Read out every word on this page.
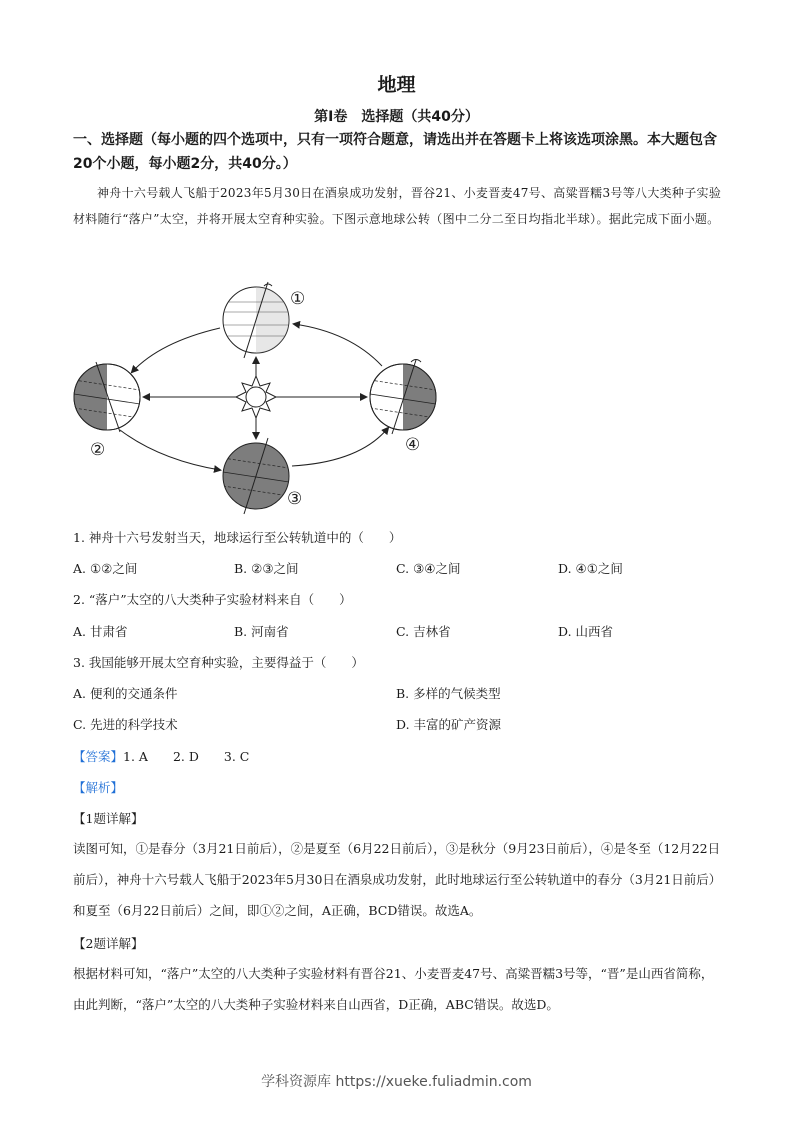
地理
第Ⅰ卷　选择题（共40分）
一、选择题（每小题的四个选项中，只有一项符合题意，请选出并在答题卡上将该选项涂黑。本大题包含20个小题，每小题2分，共40分。）
神舟十六号载人飞船于2023年5月30日在酒泉成功发射，晋谷21、小麦晋麦47号、高粱晋糯3号等八大类种子实验材料随行“落户”太空，并将开展太空育种实验。下图示意地球公转（图中二分二至日均指北半球）。据此完成下面小题。
①
②
③
④
1. 神舟十六号发射当天，地球运行至公转轨道中的（　　）
A. ①②之间	B. ②③之间	C. ③④之间	D. ④①之间
2. “落户”太空的八大类种子实验材料来自（　　）
A. 甘肃省	B. 河南省	C. 吉林省	D. 山西省
3. 我国能够开展太空育种实验，主要得益于（　　）
A. 便利的交通条件	B. 多样的气候类型
C. 先进的科学技术	D. 丰富的矿产资源
【答案】1. A　　2. D　　3. C
【解析】
【1题详解】
读图可知，①是春分（3月21日前后），②是夏至（6月22日前后），③是秋分（9月23日前后），④是冬至（12月22日前后），神舟十六号载人飞船于2023年5月30日在酒泉成功发射，此时地球运行至公转轨道中的春分（3月21日前后）和夏至（6月22日前后）之间，即①②之间，A正确，BCD错误。故选A。
【2题详解】
根据材料可知，“落户”太空的八大类种子实验材料有晋谷21、小麦晋麦47号、高粱晋糯3号等，“晋”是山西省简称，由此判断，“落户”太空的八大类种子实验材料来自山西省，D正确，ABC错误。故选D。
学科资源库 https://xueke.fuliadmin.com
